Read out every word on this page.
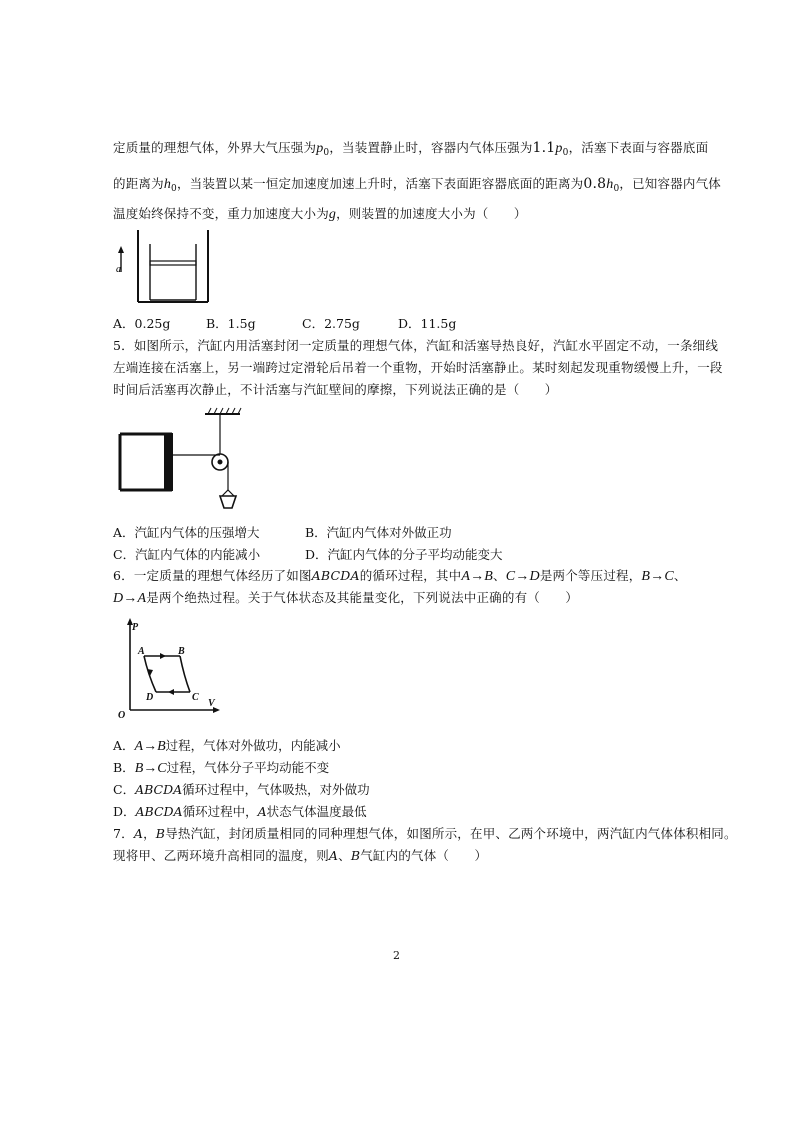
定质量的理想气体，外界大气压强为$p_0$，当装置静止时，容器内气体压强为$1.1p_0$，活塞下表面与容器底面
的距离为$h_0$，当装置以某一恒定加速度加速上升时，活塞下表面距容器底面的距离为$0.8h_0$，已知容器内气体
温度始终保持不变，重力加速度大小为g，则装置的加速度大小为（　　）
a
A．0.25g	B．1.5g	C．2.75g	D．11.5g
5．如图所示，汽缸内用活塞封闭一定质量的理想气体，汽缸和活塞导热良好，汽缸水平固定不动，一条细线
左端连接在活塞上，另一端跨过定滑轮后吊着一个重物，开始时活塞静止。某时刻起发现重物缓慢上升，一段
时间后活塞再次静止，不计活塞与汽缸壁间的摩擦，下列说法正确的是（　　）
A．汽缸内气体的压强增大	B．汽缸内气体对外做正功
C．汽缸内气体的内能减小	D．汽缸内气体的分子平均动能变大
6．一定质量的理想气体经历了如图ABCDA的循环过程，其中A→B、C→D是两个等压过程，B→C、
D→A是两个绝热过程。关于气体状态及其能量变化，下列说法中正确的有（　　）
P
V
O
A	B
C
D
A．A→B过程，气体对外做功，内能减小
B．B→C过程，气体分子平均动能不变
C．ABCDA循环过程中，气体吸热，对外做功
D．ABCDA循环过程中，A状态气体温度最低
7．A，B导热汽缸，封闭质量相同的同种理想气体，如图所示，在甲、乙两个环境中，两汽缸内气体体积相同。
现将甲、乙两环境升高相同的温度，则A、B气缸内的气体（　　）
2
